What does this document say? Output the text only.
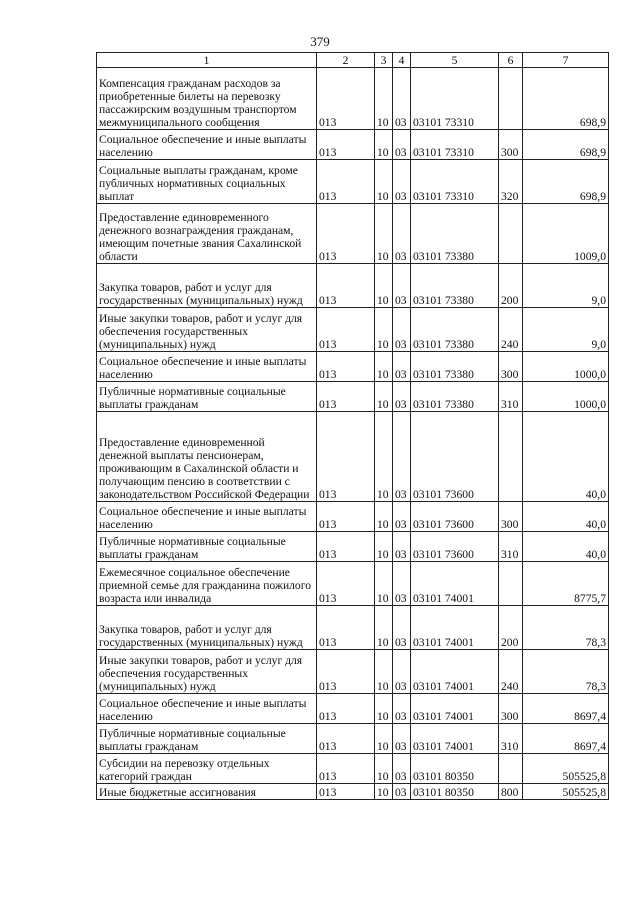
379
1	2	3	4	5	6	7
Компенсация гражданам расходов за приобретенные билеты на перевозку пассажирским воздушным транспортом межмуниципального сообщения	013	10	03	03101 73310		698,9
Социальное обеспечение и иные выплаты населению	013	10	03	03101 73310	300	698,9
Социальные выплаты гражданам, кроме публичных нормативных социальных выплат	013	10	03	03101 73310	320	698,9
Предоставление единовременного денежного вознаграждения гражданам, имеющим почетные звания Сахалинской области	013	10	03	03101 73380		1009,0
Закупка товаров, работ и услуг для государственных (муниципальных) нужд	013	10	03	03101 73380	200	9,0
Иные закупки товаров, работ и услуг для обеспечения государственных (муниципальных) нужд	013	10	03	03101 73380	240	9,0
Социальное обеспечение и иные выплаты населению	013	10	03	03101 73380	300	1000,0
Публичные нормативные социальные выплаты гражданам	013	10	03	03101 73380	310	1000,0
Предоставление единовременной денежной выплаты пенсионерам, проживающим в Сахалинской области и получающим пенсию в соответствии с законодательством Российской Федерации	013	10	03	03101 73600		40,0
Социальное обеспечение и иные выплаты населению	013	10	03	03101 73600	300	40,0
Публичные нормативные социальные выплаты гражданам	013	10	03	03101 73600	310	40,0
Ежемесячное социальное обеспечение приемной семье для гражданина пожилого возраста или инвалида	013	10	03	03101 74001		8775,7
Закупка товаров, работ и услуг для государственных (муниципальных) нужд	013	10	03	03101 74001	200	78,3
Иные закупки товаров, работ и услуг для обеспечения государственных (муниципальных) нужд	013	10	03	03101 74001	240	78,3
Социальное обеспечение и иные выплаты населению	013	10	03	03101 74001	300	8697,4
Публичные нормативные социальные выплаты гражданам	013	10	03	03101 74001	310	8697,4
Субсидии на перевозку отдельных категорий граждан	013	10	03	03101 80350		505525,8
Иные бюджетные ассигнования	013	10	03	03101 80350	800	505525,8
